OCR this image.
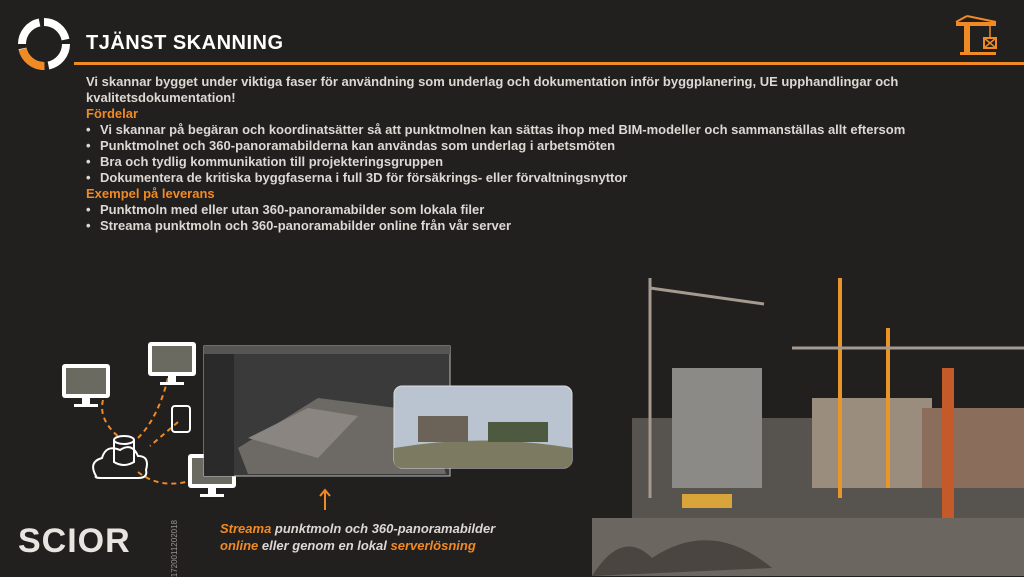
TJÄNST SKANNING

Vi skannar bygget under viktiga faser för användning som underlag och dokumentation inför byggplanering, UE upphandlingar och kvalitetsdokumentation!

Fördelar

• Vi skannar på begäran och koordinatsätter så att punktmolnen kan sättas ihop med BIM-modeller och sammanställas allt eftersom
• Punktmolnet och 360-panoramabilderna kan användas som underlag i arbetsmöten
• Bra och tydlig kommunikation till projekteringsgruppen
• Dokumentera de kritiska byggfaserna i full 3D för försäkrings- eller förvaltningsnyttor

Exempel på leverans

• Punktmoln med eller utan 360-panoramabilder som lokala filer
• Streama punktmoln och 360-panoramabilder online från vår server
Streama punktmoln och 360-panoramabilder
online eller genom en lokal serverlösning
SCIOR	1720011202018
